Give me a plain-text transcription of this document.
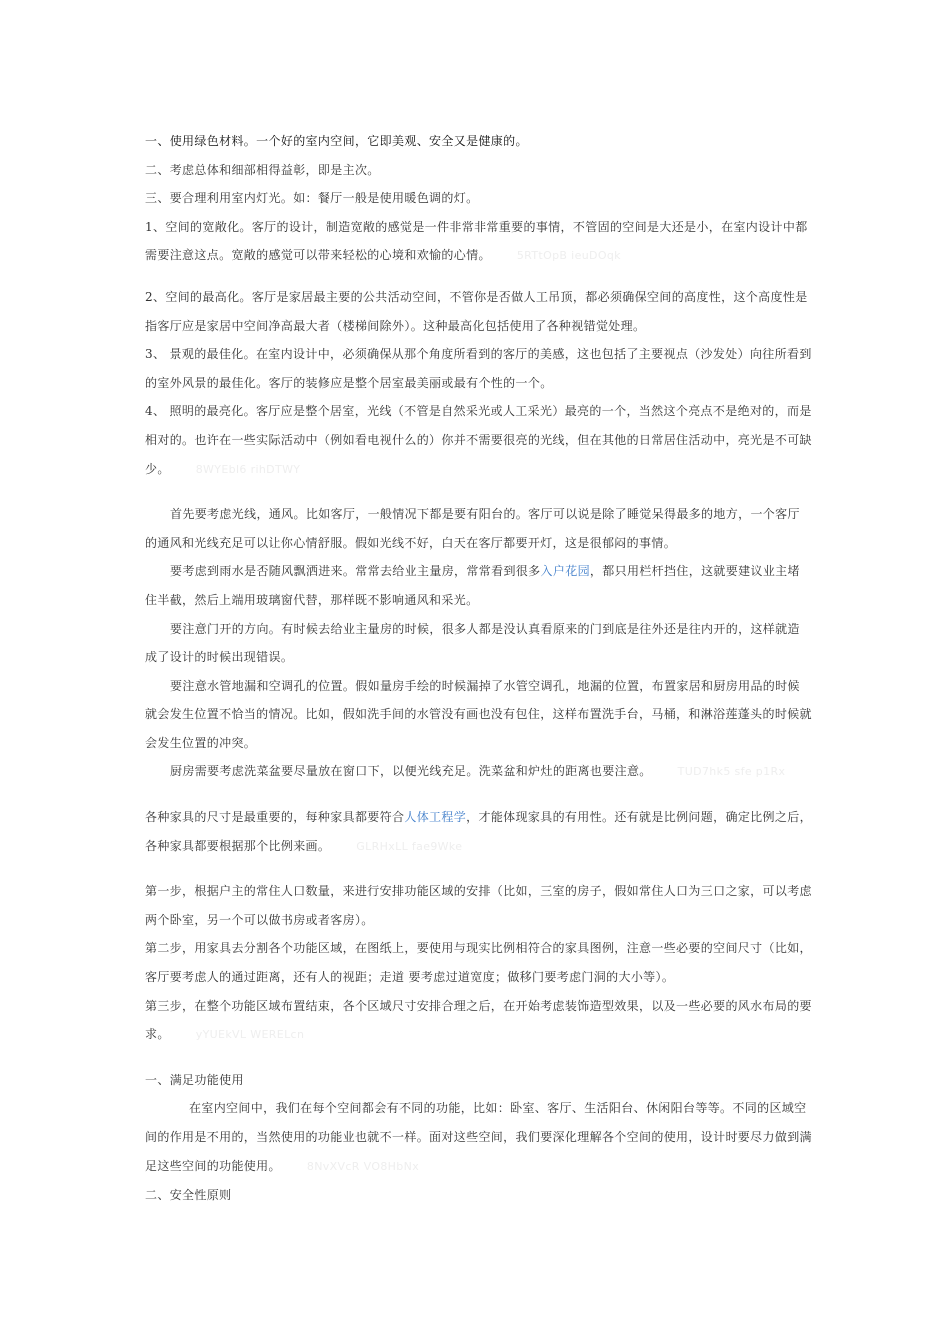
一、使用绿色材料。一个好的室内空间，它即美观、安全又是健康的。

二、考虑总体和细部相得益彰，即是主次。

三、要合理利用室内灯光。如：餐厅一般是使用暖色调的灯。

1、空间的宽敞化。客厅的设计，制造宽敞的感觉是一件非常非常重要的事情，不管固的空间是大还是小，在室内设计中都需要注意这点。宽敞的感觉可以带来轻松的心境和欢愉的心情。 5RTtOpB ieuDOqk

2、空间的最高化。客厅是家居最主要的公共活动空间，不管你是否做人工吊顶，都必须确保空间的高度性，这个高度性是指客厅应是家居中空间净高最大者（楼梯间除外）。这种最高化包括使用了各种视错觉处理。

3、 景观的最佳化。在室内设计中，必须确保从那个角度所看到的客厅的美感，这也包括了主要视点（沙发处）向往所看到的室外风景的最佳化。客厅的装修应是整个居室最美丽或最有个性的一个。

4、 照明的最亮化。客厅应是整个居室，光线（不管是自然采光或人工采光）最亮的一个，当然这个亮点不是绝对的，而是相对的。也许在一些实际活动中（例如看电视什么的）你并不需要很亮的光线，但在其他的日常居住活动中，亮光是不可缺少。 8WYEbl6 rihDTWY

首先要考虑光线，通风。比如客厅，一般情况下都是要有阳台的。客厅可以说是除了睡觉呆得最多的地方，一个客厅的通风和光线充足可以让你心情舒服。假如光线不好，白天在客厅都要开灯，这是很郁闷的事情。

要考虑到雨水是否随风飘洒进来。常常去给业主量房，常常看到很多入户花园，都只用栏杆挡住，这就要建议业主堵住半截，然后上端用玻璃窗代替，那样既不影响通风和采光。

要注意门开的方向。有时候去给业主量房的时候，很多人都是没认真看原来的门到底是往外还是往内开的，这样就造成了设计的时候出现错误。

要注意水管地漏和空调孔的位置。假如量房手绘的时候漏掉了水管空调孔，地漏的位置，布置家居和厨房用品的时候就会发生位置不恰当的情况。比如，假如洗手间的水管没有画也没有包住，这样布置洗手台，马桶，和淋浴莲蓬头的时候就会发生位置的冲突。

厨房需要考虑洗菜盆要尽量放在窗口下，以便光线充足。洗菜盆和炉灶的距离也要注意。 TUD7hk5 sfe p1Rx

各种家具的尺寸是最重要的，每种家具都要符合人体工程学，才能体现家具的有用性。还有就是比例问题，确定比例之后，各种家具都要根据那个比例来画。 GLRHxLL fae9Wke

第一步，根据户主的常住人口数量，来进行安排功能区域的安排（比如，三室的房子，假如常住人口为三口之家，可以考虑两个卧室，另一个可以做书房或者客房）。

第二步，用家具去分割各个功能区域，在图纸上，要使用与现实比例相符合的家具图例，注意一些必要的空间尺寸（比如，客厅要考虑人的通过距离，还有人的视距；走道 要考虑过道宽度；做移门要考虑门洞的大小等）。

第三步，在整个功能区域布置结束，各个区域尺寸安排合理之后，在开始考虑装饰造型效果，以及一些必要的风水布局的要求。 yYUEkVL WERELcn

一、满足功能使用

在室内空间中，我们在每个空间都会有不同的功能，比如：卧室、客厅、生活阳台、休闲阳台等等。不同的区域空间的作用是不用的，当然使用的功能业也就不一样。面对这些空间，我们要深化理解各个空间的使用，设计时要尽力做到满足这些空间的功能使用。 8NvXVcR VO8HbNx

二、安全性原则
